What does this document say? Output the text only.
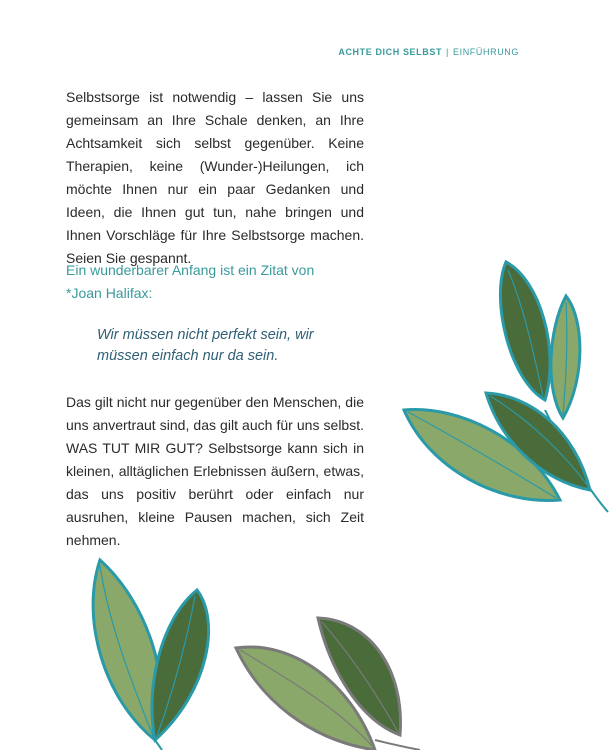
ACHTE DICH SELBST | EINFÜHRUNG

Selbstsorge ist notwendig – lassen Sie uns gemeinsam an Ihre Schale denken, an Ihre Achtsamkeit sich selbst gegenüber. Keine Therapien, keine (Wunder-)Heilungen, ich möchte Ihnen nur ein paar Gedanken und Ideen, die Ihnen gut tun, nahe bringen und Ihnen Vorschläge für Ihre Selbstsorge machen. Seien Sie gespannt.

Ein wunderbarer Anfang ist ein Zitat von
*Joan Halifax:

Wir müssen nicht perfekt sein, wir
müssen einfach nur da sein.

Das gilt nicht nur gegenüber den Menschen, die uns anvertraut sind, das gilt auch für uns selbst. WAS TUT MIR GUT? Selbstsorge kann sich in kleinen, alltäglichen Erlebnissen äußern, etwas, das uns positiv berührt oder einfach nur ausruhen, kleine Pausen machen, sich Zeit nehmen.
